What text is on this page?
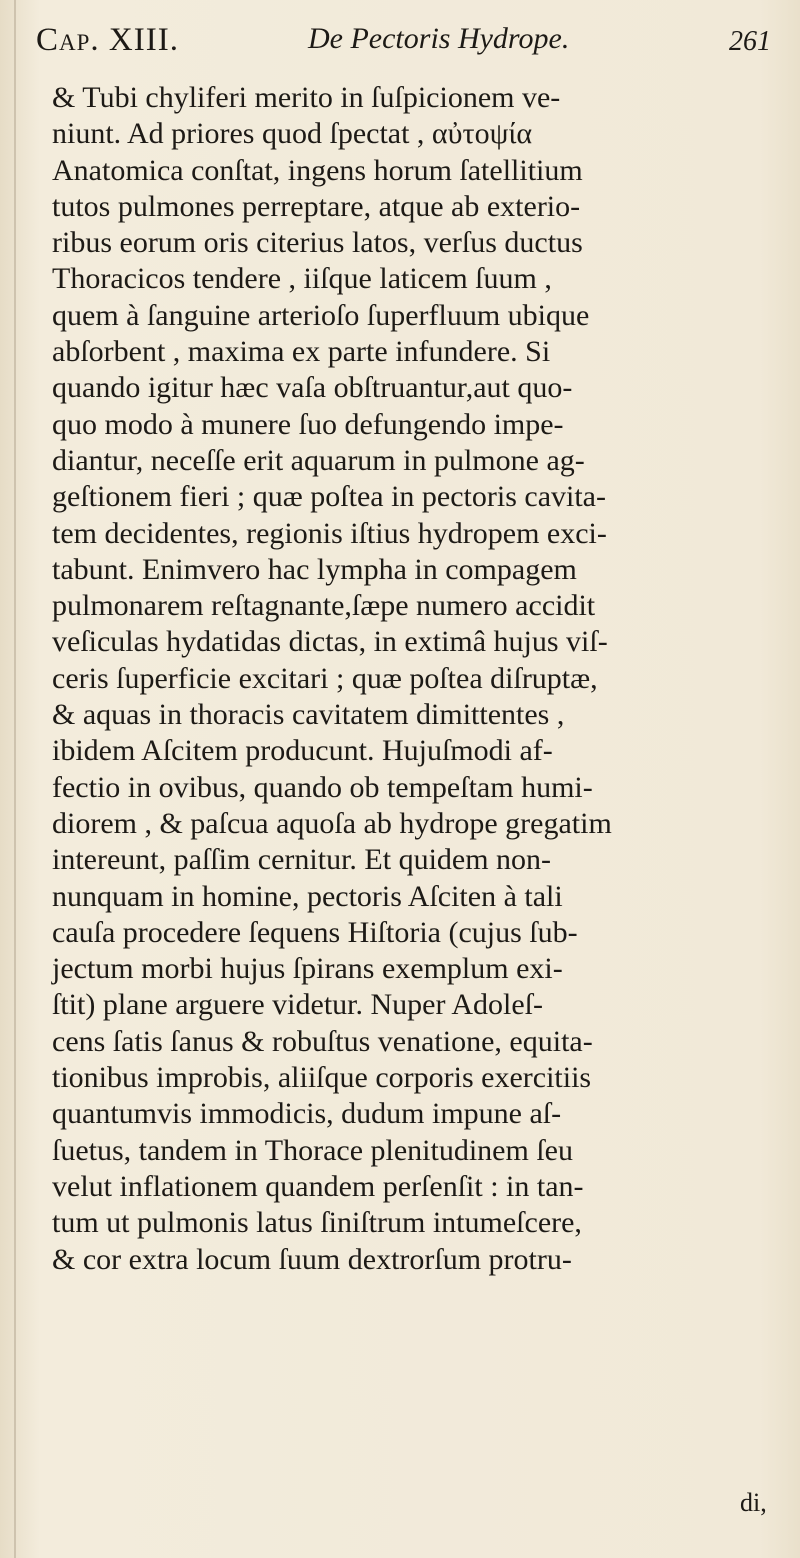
Cap. XIII.	De Pectoris Hydrope.	261
& Tubi chyliferi merito in ſuſpicionem ve-
niunt. Ad priores quod ſpectat , αὐτοψία
Anatomica conſtat, ingens horum ſatellitium
tutos pulmones perreptare, atque ab exterio-
ribus eorum oris citerius latos, verſus ductus
Thoracicos tendere , iiſque laticem ſuum ,
quem à ſanguine arterioſo ſuperfluum ubique
abſorbent , maxima ex parte infundere. Si
quando igitur hæc vaſa obſtruantur,aut quo-
quo modo à munere ſuo defungendo impe-
diantur, neceſſe erit aquarum in pulmone ag-
geſtionem fieri ; quæ poſtea in pectoris cavita-
tem decidentes, regionis iſtius hydropem exci-
tabunt. Enimvero hac lympha in compagem
pulmonarem reſtagnante,ſæpe numero accidit
veſiculas hydatidas dictas, in extimâ hujus viſ-
ceris ſuperficie excitari ; quæ poſtea diſruptæ,
& aquas in thoracis cavitatem dimittentes ,
ibidem Aſcitem producunt. Hujuſmodi af-
fectio in ovibus, quando ob tempeſtam humi-
diorem , & paſcua aquoſa ab hydrope gregatim
intereunt, paſſim cernitur. Et quidem non-
nunquam in homine, pectoris Aſciten à tali
cauſa procedere ſequens Hiſtoria (cujus ſub-
jectum morbi hujus ſpirans exemplum exi-
ſtit) plane arguere videtur. Nuper Adoleſ-
cens ſatis ſanus & robuſtus venatione, equita-
tionibus improbis, aliiſque corporis exercitiis
quantumvis immodicis, dudum impune aſ-
ſuetus, tandem in Thorace plenitudinem ſeu
velut inflationem quandem perſenſit : in tan-
tum ut pulmonis latus ſiniſtrum intumeſcere,
& cor extra locum ſuum dextrorſum protru-
di,
